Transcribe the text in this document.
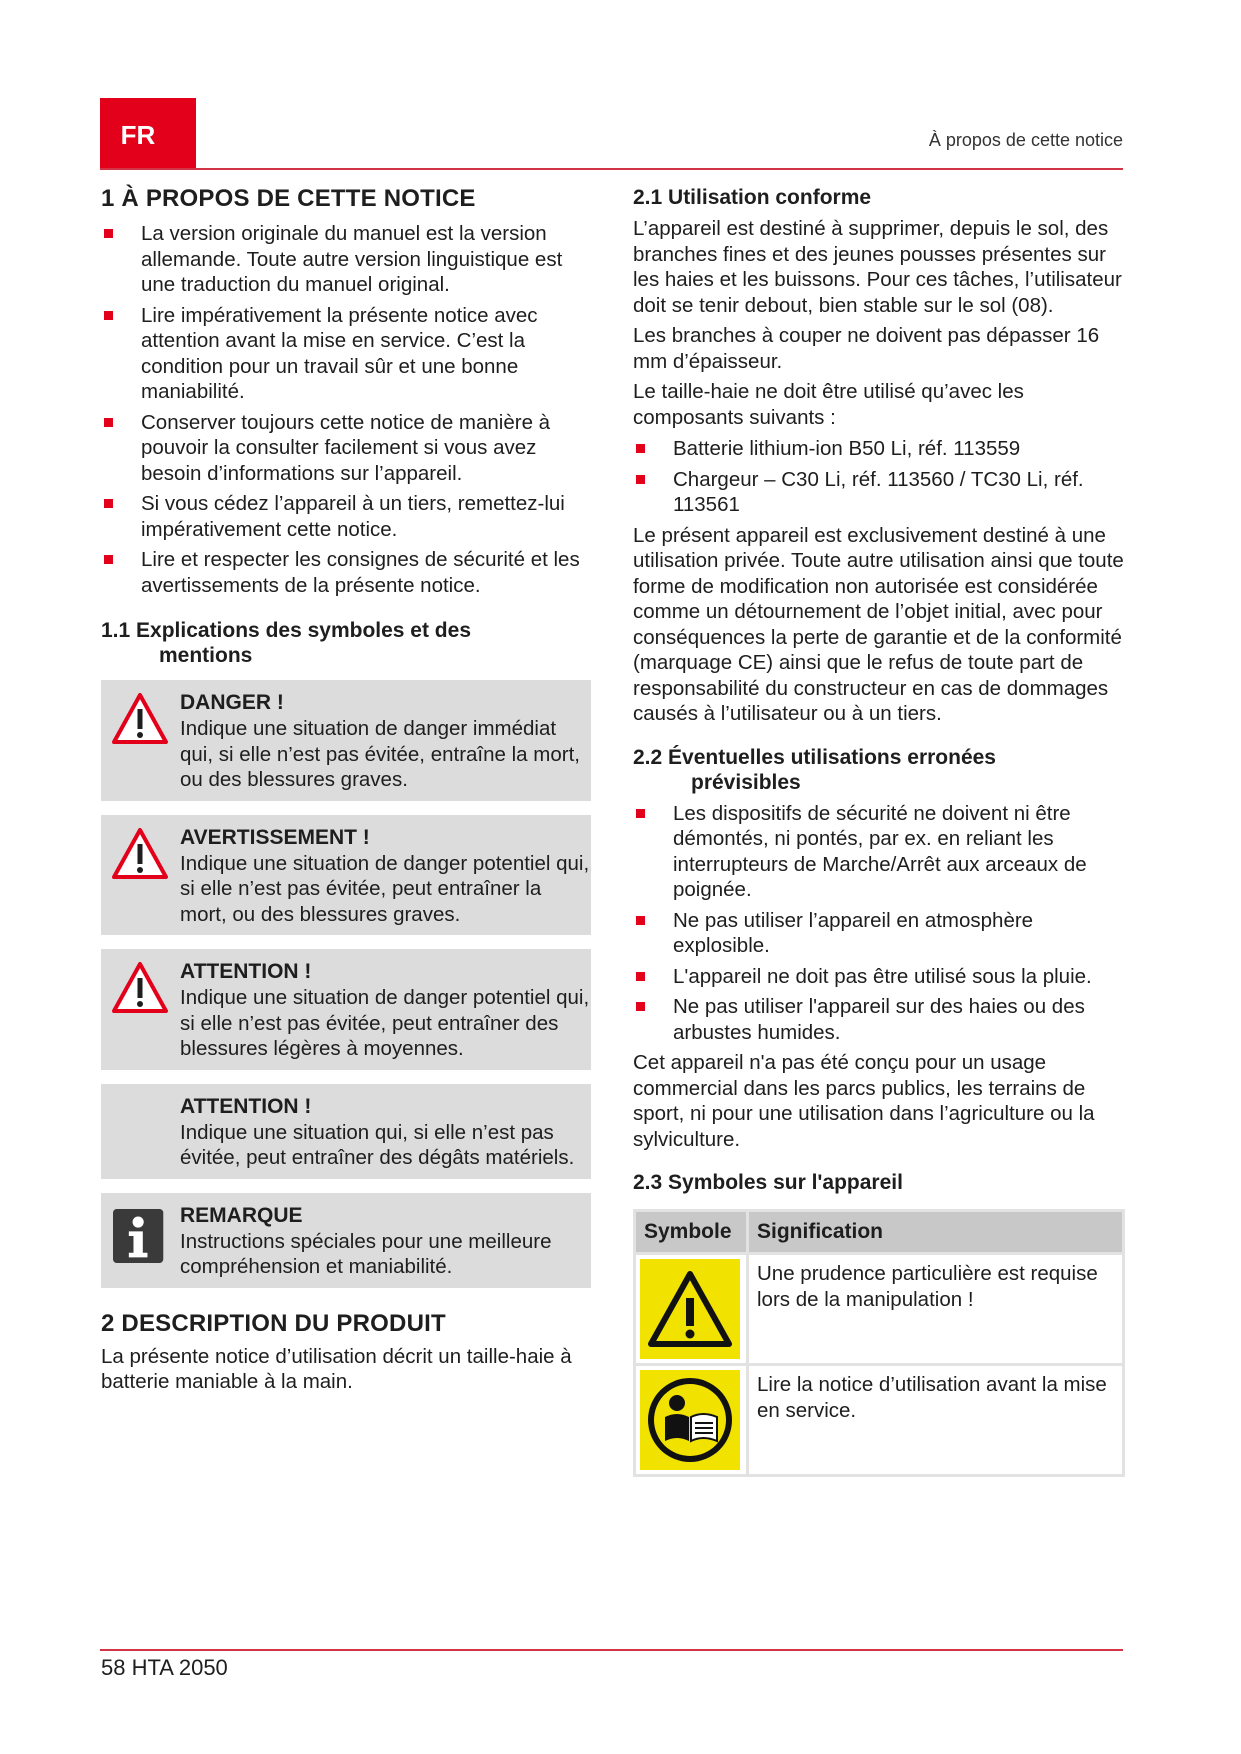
FR	À propos de cette notice
1 À PROPOS DE CETTE NOTICE
La version originale du manuel est la version allemande. Toute autre version linguistique est une traduction du manuel original.
Lire impérativement la présente notice avec attention avant la mise en service. C’est la condition pour un travail sûr et une bonne maniabilité.
Conserver toujours cette notice de manière à pouvoir la consulter facilement si vous avez besoin d’informations sur l’appareil.
Si vous cédez l’appareil à un tiers, remettez-lui impérativement cette notice.
Lire et respecter les consignes de sécurité et les avertissements de la présente notice.
1.1 Explications des symboles et des
mentions
DANGER !
Indique une situation de danger immédiat qui, si elle n’est pas évitée, entraîne la mort, ou des blessures graves.
AVERTISSEMENT !
Indique une situation de danger potentiel qui, si elle n’est pas évitée, peut entraîner la mort, ou des blessures graves.
ATTENTION !
Indique une situation de danger potentiel qui, si elle n’est pas évitée, peut entraîner des blessures légères à moyennes.
ATTENTION !
Indique une situation qui, si elle n’est pas évitée, peut entraîner des dégâts matériels.
REMARQUE
Instructions spéciales pour une meilleure compréhension et maniabilité.
2 DESCRIPTION DU PRODUIT

La présente notice d’utilisation décrit un taille-haie à batterie maniable à la main.

2.1 Utilisation conforme

L’appareil est destiné à supprimer, depuis le sol, des branches fines et des jeunes pousses présentes sur les haies et les buissons. Pour ces tâches, l’utilisateur doit se tenir debout, bien stable sur le sol (08).

Les branches à couper ne doivent pas dépasser 16 mm d’épaisseur.

Le taille-haie ne doit être utilisé qu’avec les composants suivants :

Batterie lithium-ion B50 Li, réf. 113559
Chargeur – C30 Li, réf. 113560 / TC30 Li, réf. 113561

Le présent appareil est exclusivement destiné à une utilisation privée. Toute autre utilisation ainsi que toute forme de modification non autorisée est considérée comme un détournement de l’objet initial, avec pour conséquences la perte de garantie et de la conformité (marquage CE) ainsi que le refus de toute part de responsabilité du constructeur en cas de dommages causés à l’utilisateur ou à un tiers.

2.2 Éventuelles utilisations erronées
prévisibles
Les dispositifs de sécurité ne doivent ni être démontés, ni pontés, par ex. en reliant les interrupteurs de Marche/Arrêt aux arceaux de poignée.
Ne pas utiliser l’appareil en atmosphère explosible.
L'appareil ne doit pas être utilisé sous la pluie.
Ne pas utiliser l'appareil sur des haies ou des arbustes humides.

Cet appareil n'a pas été conçu pour un usage commercial dans les parcs publics, les terrains de sport, ni pour une utilisation dans l’agriculture ou la sylviculture.

2.3 Symboles sur l'appareil
Symbole	Signification

	Une prudence particulière est requise lors de la manipulation !

	Lire la notice d’utilisation avant la mise en service.
58 HTA 2050
